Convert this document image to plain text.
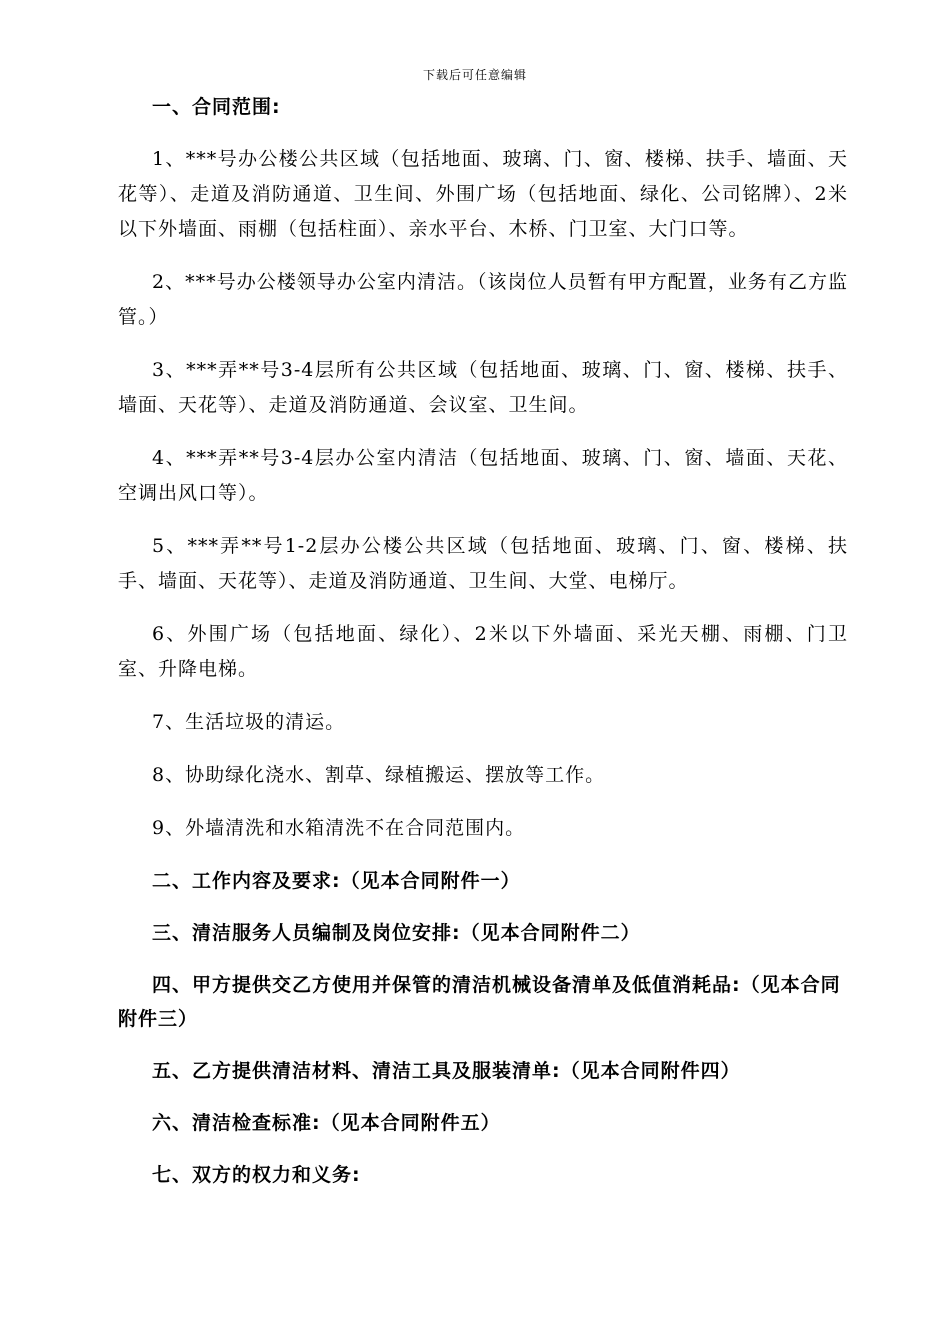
下载后可任意编辑
一、合同范围:
1、***号办公楼公共区域（包括地面、玻璃、门、窗、楼梯、扶手、墙面、天花等）、走道及消防通道、卫生间、外围广场（包括地面、绿化、公司铭牌）、2米以下外墙面、雨棚（包括柱面）、亲水平台、木桥、门卫室、大门口等。
2、***号办公楼领导办公室内清洁。（该岗位人员暂有甲方配置，业务有乙方监管。）
3、***弄**号3-4层所有公共区域（包括地面、玻璃、门、窗、楼梯、扶手、墙面、天花等）、走道及消防通道、会议室、卫生间。
4、***弄**号3-4层办公室内清洁（包括地面、玻璃、门、窗、墙面、天花、空调出风口等）。
5、***弄**号1-2层办公楼公共区域（包括地面、玻璃、门、窗、楼梯、扶手、墙面、天花等）、走道及消防通道、卫生间、大堂、电梯厅。
6、外围广场（包括地面、绿化）、2米以下外墙面、采光天棚、雨棚、门卫室、升降电梯。
7、生活垃圾的清运。
8、协助绿化浇水、割草、绿植搬运、摆放等工作。
9、外墙清洗和水箱清洗不在合同范围内。
二、工作内容及要求:（见本合同附件一）
三、清洁服务人员编制及岗位安排:（见本合同附件二）
四、甲方提供交乙方使用并保管的清洁机械设备清单及低值消耗品:（见本合同附件三）
五、乙方提供清洁材料、清洁工具及服装清单:（见本合同附件四）
六、清洁检查标准:（见本合同附件五）
七、双方的权力和义务:
